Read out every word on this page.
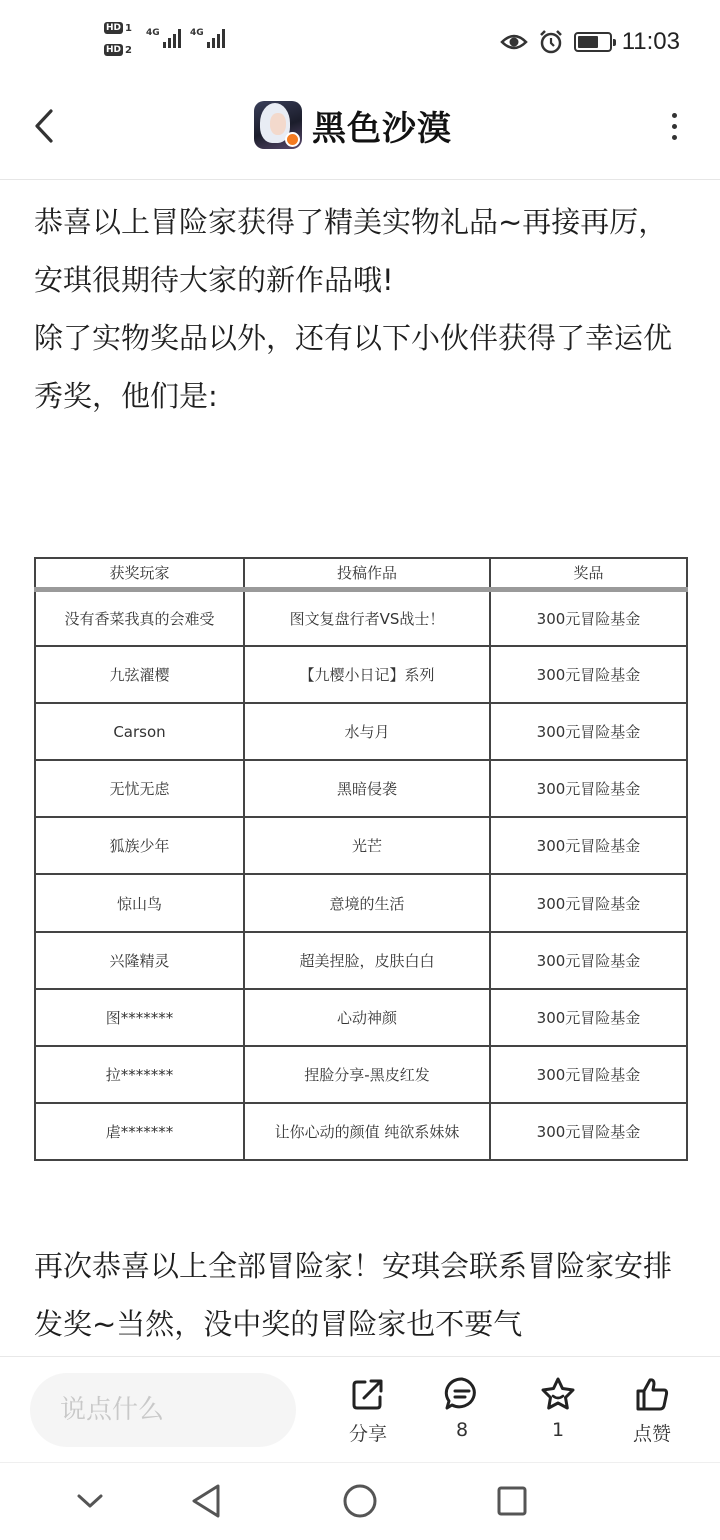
HD 1
HD 2
4G	4G	11:03
黑色沙漠
恭喜以上冒险家获得了精美实物礼品~再接再厉，安琪很期待大家的新作品哦!
除了实物奖品以外，还有以下小伙伴获得了幸运优秀奖，他们是:
获奖玩家	投稿作品	奖品
没有香菜我真的会难受	图文复盘行者VS战士！	300元冒险基金
九弦濯樱	【九樱小日记】系列	300元冒险基金
Carson	水与月	300元冒险基金
无忧无虑	黑暗侵袭	300元冒险基金
狐族少年	光芒	300元冒险基金
惊山鸟	意境的生活	300元冒险基金
兴隆精灵	超美捏脸，皮肤白白	300元冒险基金
图*******	心动神颜	300元冒险基金
拉*******	捏脸分享-黑皮红发	300元冒险基金
虐*******	让你心动的颜值 纯欲系妹妹	300元冒险基金
再次恭喜以上全部冒险家！安琪会联系冒险家安排发奖~当然，没中奖的冒险家也不要气
说点什么
分享	8	1	点赞
